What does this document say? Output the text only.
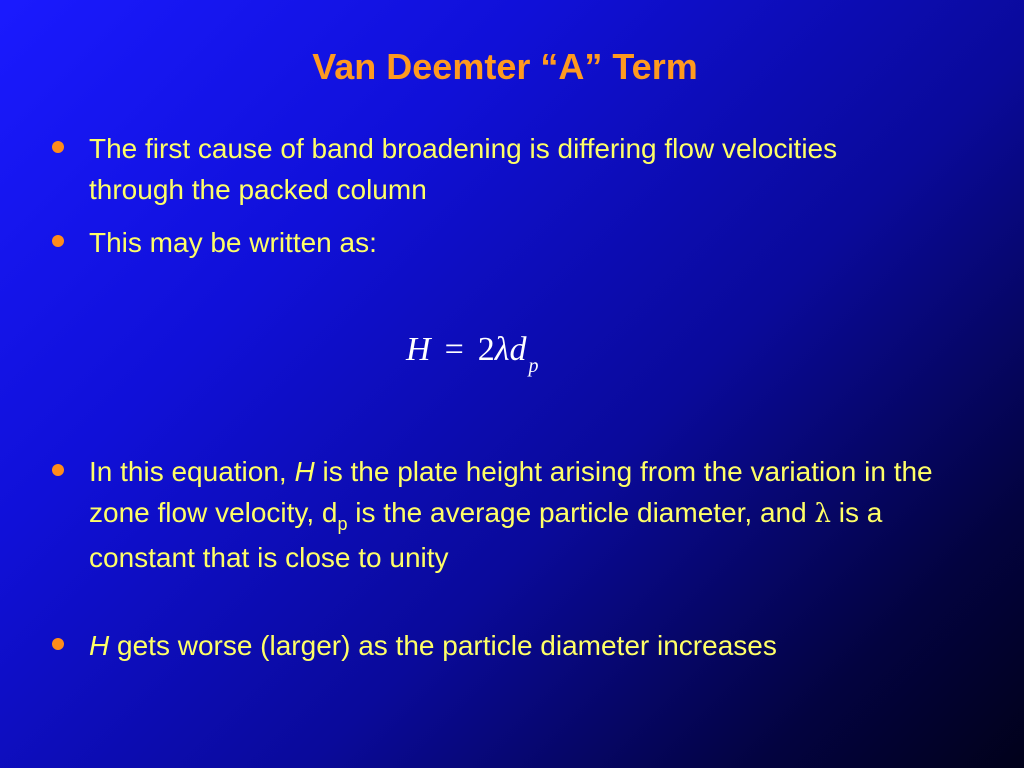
Van Deemter “A” Term
The first cause of band broadening is differing flow velocities through the packed column
This may be written as:
H = 2λd $_p$
In this equation, H is the plate height arising from the variation in the zone flow velocity, $d_p$ is the average particle diameter, and λ is a constant that is close to unity
H gets worse (larger) as the particle diameter increases
